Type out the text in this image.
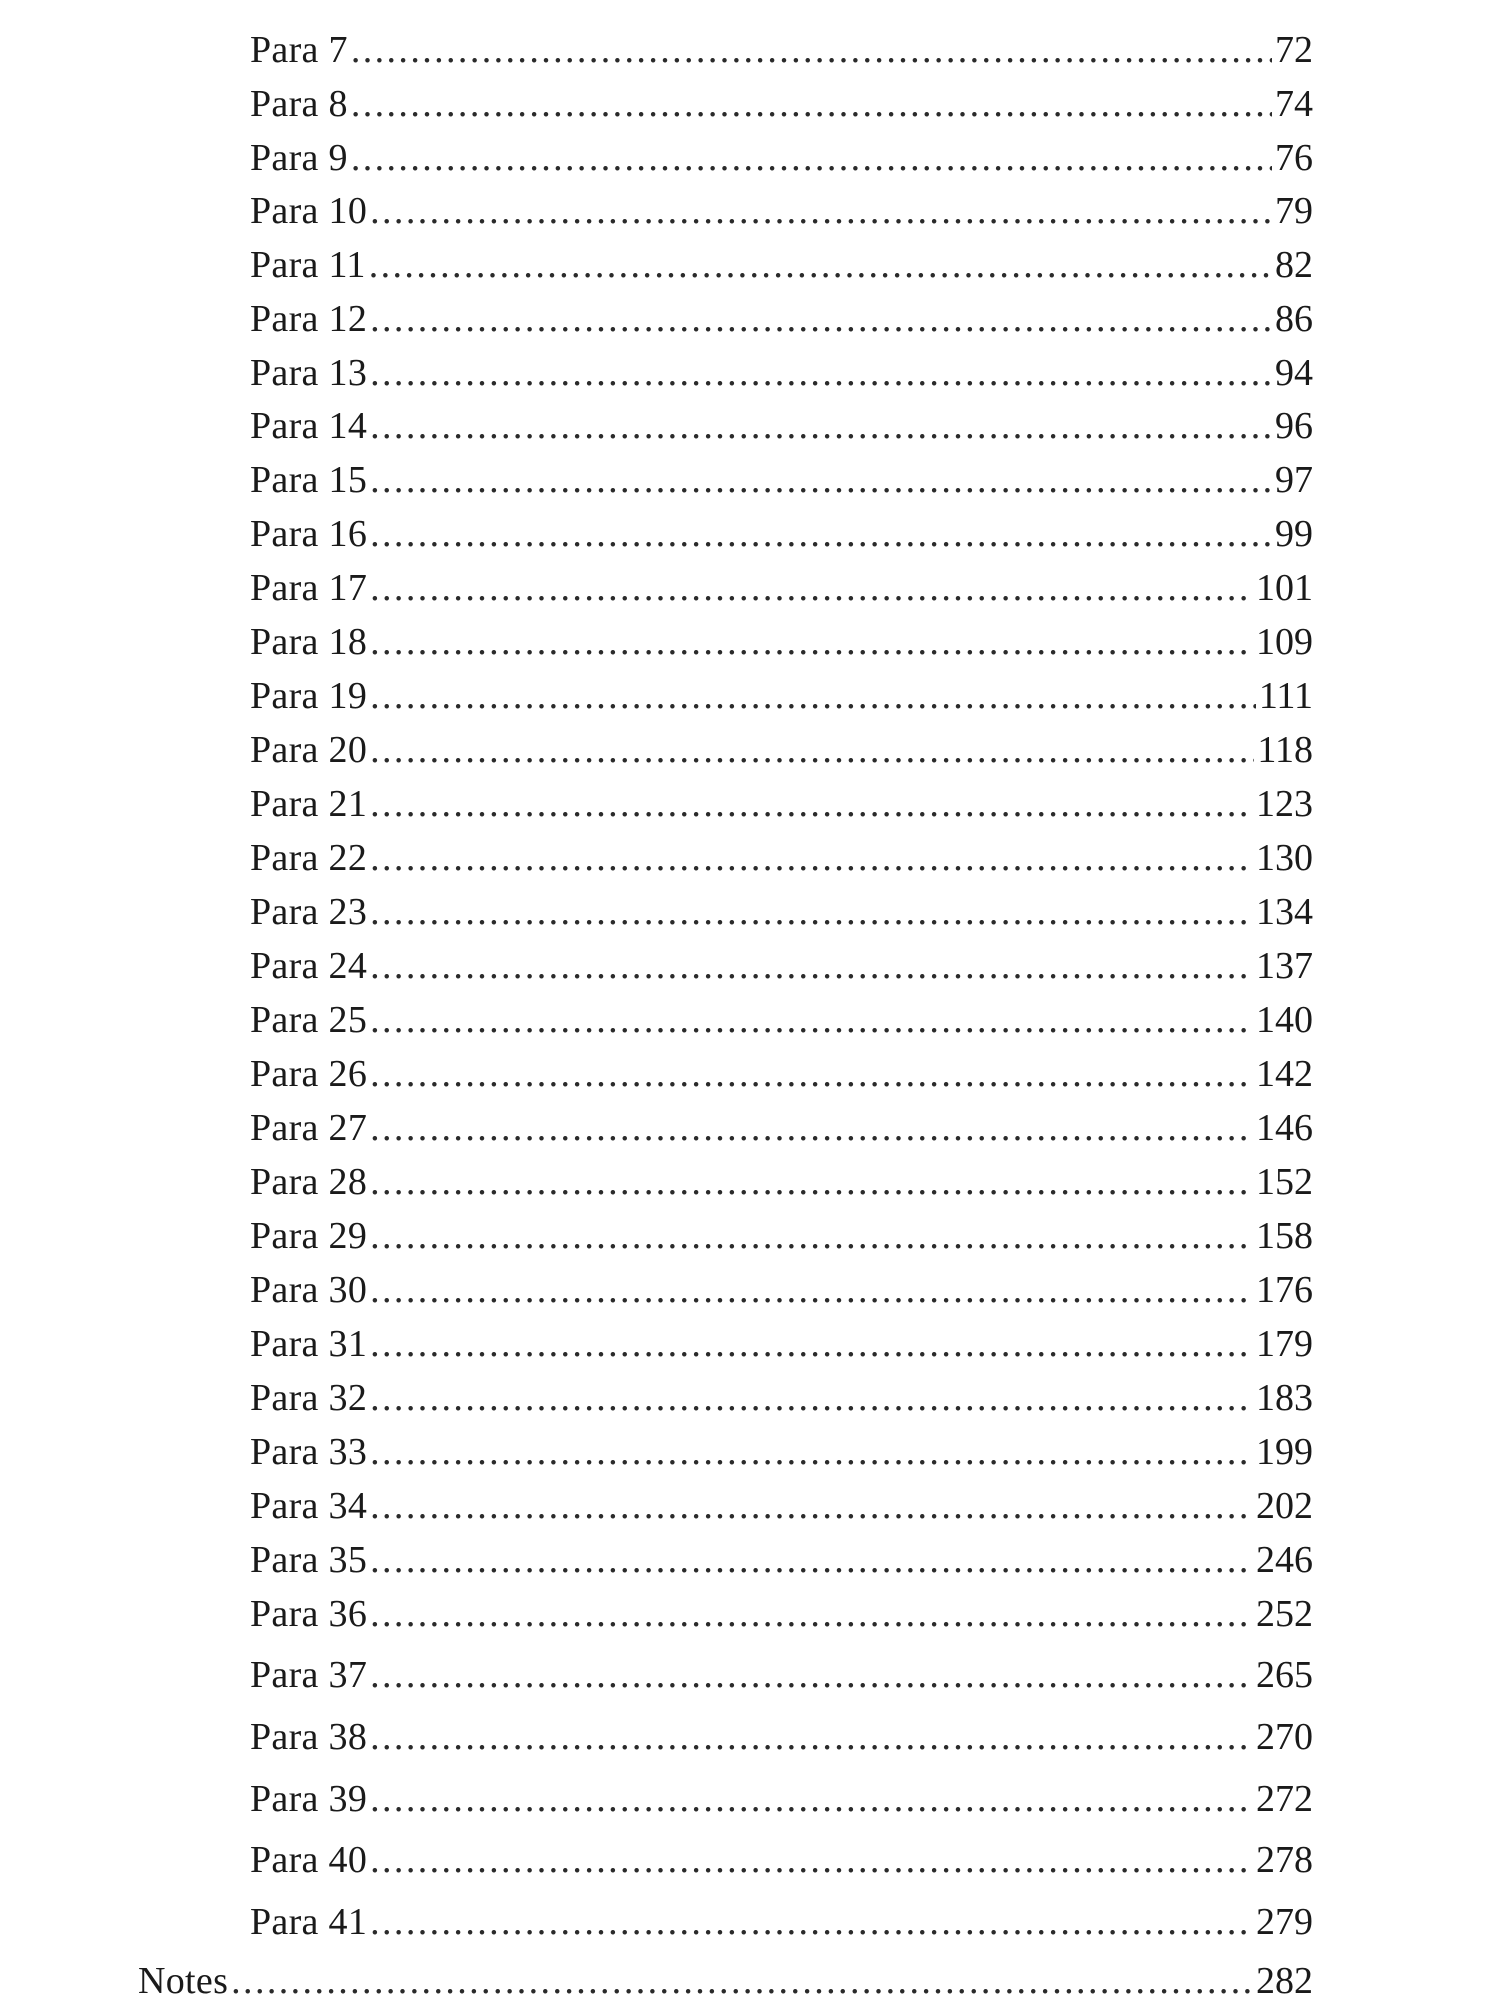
Para 7 .....	72
Para 8 .....	74
Para 9 .....	76
Para 10 .....	79
Para 11 .....	82
Para 12 .....	86
Para 13 .....	94
Para 14 .....	96
Para 15 .....	97
Para 16 .....	99
Para 17 .....	101
Para 18 .....	109
Para 19 .....	111
Para 20 .....	118
Para 21 .....	123
Para 22 .....	130
Para 23 .....	134
Para 24 .....	137
Para 25 .....	140
Para 26 .....	142
Para 27 .....	146
Para 28 .....	152
Para 29 .....	158
Para 30 .....	176
Para 31 .....	179
Para 32 .....	183
Para 33 .....	199
Para 34 .....	202
Para 35 .....	246
Para 36 .....	252
Para 37 .....	265
Para 38 .....	270
Para 39 .....	272
Para 40 .....	278
Para 41 .....	279
Notes .....	282
